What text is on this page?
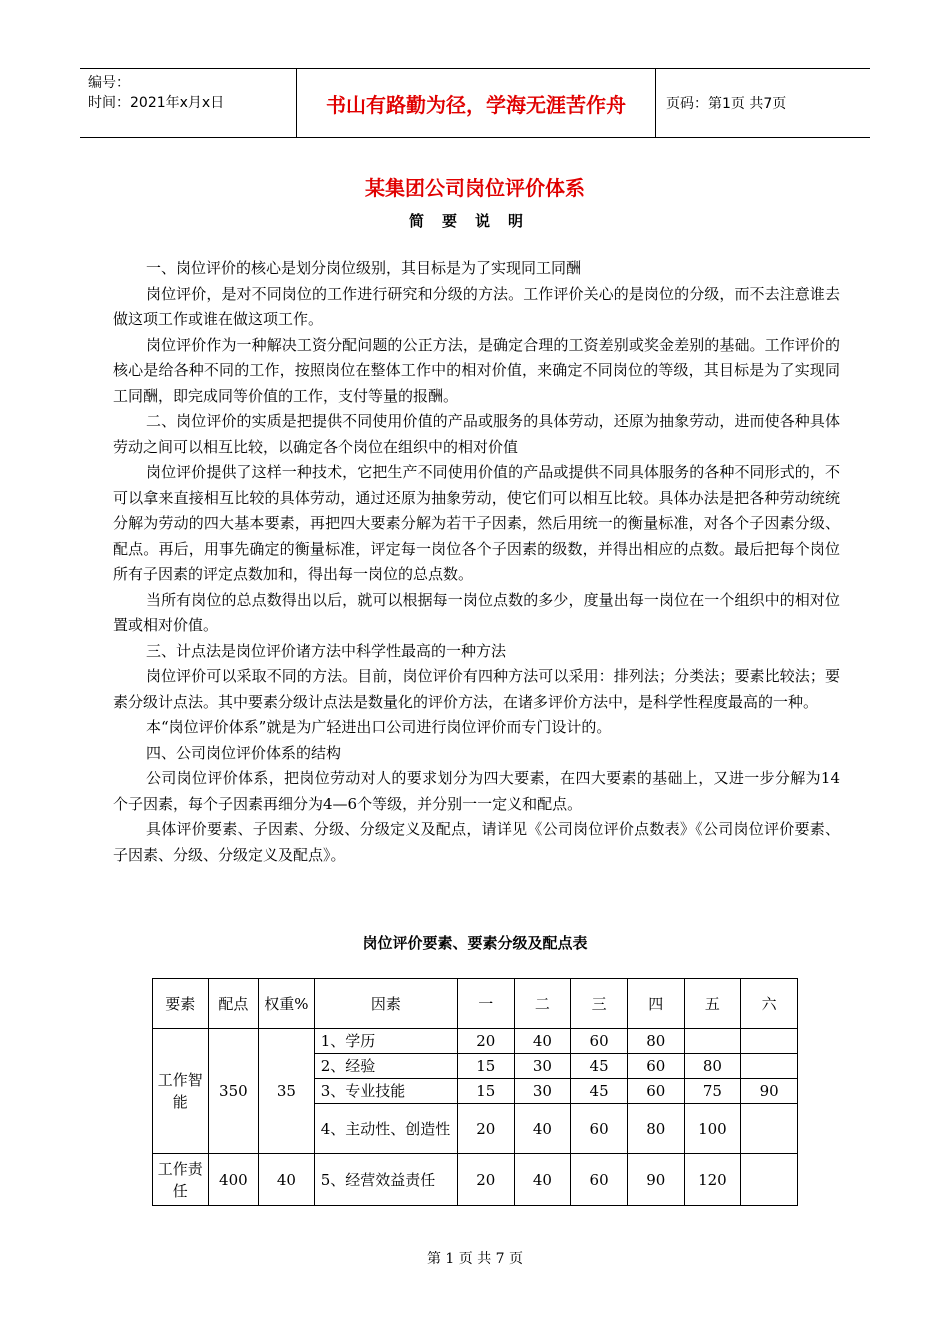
编号：
时间：2021年x月x日	书山有路勤为径，学海无涯苦作舟	页码：第1页 共7页
某集团公司岗位评价体系
简要说明

一、岗位评价的核心是划分岗位级别，其目标是为了实现同工同酬

岗位评价，是对不同岗位的工作进行研究和分级的方法。工作评价关心的是岗位的分级，而不去注意谁去做这项工作或谁在做这项工作。

岗位评价作为一种解决工资分配问题的公正方法，是确定合理的工资差别或奖金差别的基础。工作评价的核心是给各种不同的工作，按照岗位在整体工作中的相对价值，来确定不同岗位的等级，其目标是为了实现同工同酬，即完成同等价值的工作，支付等量的报酬。

二、岗位评价的实质是把提供不同使用价值的产品或服务的具体劳动，还原为抽象劳动，进而使各种具体劳动之间可以相互比较，以确定各个岗位在组织中的相对价值

岗位评价提供了这样一种技术，它把生产不同使用价值的产品或提供不同具体服务的各种不同形式的，不可以拿来直接相互比较的具体劳动，通过还原为抽象劳动，使它们可以相互比较。具体办法是把各种劳动统统分解为劳动的四大基本要素，再把四大要素分解为若干子因素，然后用统一的衡量标准，对各个子因素分级、配点。再后，用事先确定的衡量标准，评定每一岗位各个子因素的级数，并得出相应的点数。最后把每个岗位所有子因素的评定点数加和，得出每一岗位的总点数。

当所有岗位的总点数得出以后，就可以根据每一岗位点数的多少，度量出每一岗位在一个组织中的相对位置或相对价值。

三、计点法是岗位评价诸方法中科学性最高的一种方法

岗位评价可以采取不同的方法。目前，岗位评价有四种方法可以采用：排列法；分类法；要素比较法；要素分级计点法。其中要素分级计点法是数量化的评价方法，在诸多评价方法中，是科学性程度最高的一种。

本“岗位评价体系”就是为广轻进出口公司进行岗位评价而专门设计的。

四、公司岗位评价体系的结构

公司岗位评价体系，把岗位劳动对人的要求划分为四大要素，在四大要素的基础上，又进一步分解为14个子因素，每个子因素再细分为4—6个等级，并分别一一定义和配点。

具体评价要素、子因素、分级、分级定义及配点，请详见《公司岗位评价点数表》《公司岗位评价要素、子因素、分级、分级定义及配点》。

岗位评价要素、要素分级及配点表
要素	配点	权重%	因素	一	二	三	四	五	六
工作智能	350	35	1、学历	20	40	60	80		
			2、经验	15	30	45	60	80	
			3、专业技能	15	30	45	60	75	90
			4、主动性、创造性	20	40	60	80	100	
工作责任	400	40	5、经营效益责任	20	40	60	90	120	
第 1 页 共 7 页
